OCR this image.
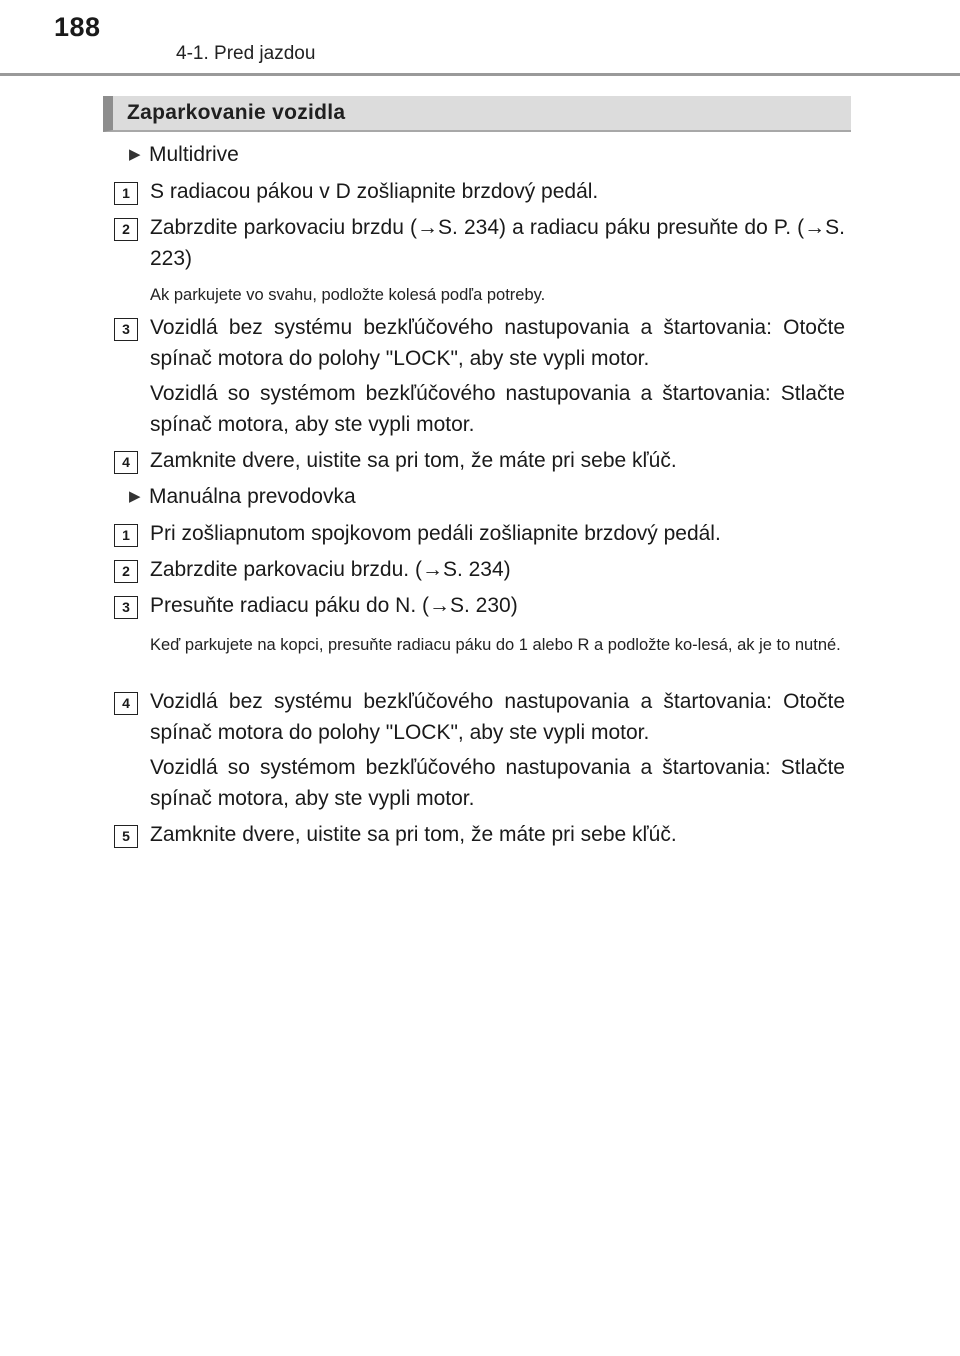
188
4-1. Pred jazdou
Zaparkovanie vozidla
▶ Multidrive
1 S radiacou pákou v D zošliapnite brzdový pedál.
2 Zabrzdite parkovaciu brzdu (→S. 234) a radiacu páku presuňte do P. (→S. 223)
Ak parkujete vo svahu, podložte kolesá podľa potreby.
3 Vozidlá bez systému bezkľúčového nastupovania a štartovania: Otočte spínač motora do polohy "LOCK", aby ste vypli motor.
Vozidlá so systémom bezkľúčového nastupovania a štartovania: Stlačte spínač motora, aby ste vypli motor.
4 Zamknite dvere, uistite sa pri tom, že máte pri sebe kľúč.
▶ Manuálna prevodovka
1 Pri zošliapnutom spojkovom pedáli zošliapnite brzdový pedál.
2 Zabrzdite parkovaciu brzdu. (→S. 234)
3 Presuňte radiacu páku do N. (→S. 230)
Keď parkujete na kopci, presuňte radiacu páku do 1 alebo R a podložte ko-lesá, ak je to nutné.
4 Vozidlá bez systému bezkľúčového nastupovania a štartovania: Otočte spínač motora do polohy "LOCK", aby ste vypli motor.
Vozidlá so systémom bezkľúčového nastupovania a štartovania: Stlačte spínač motora, aby ste vypli motor.
5 Zamknite dvere, uistite sa pri tom, že máte pri sebe kľúč.
